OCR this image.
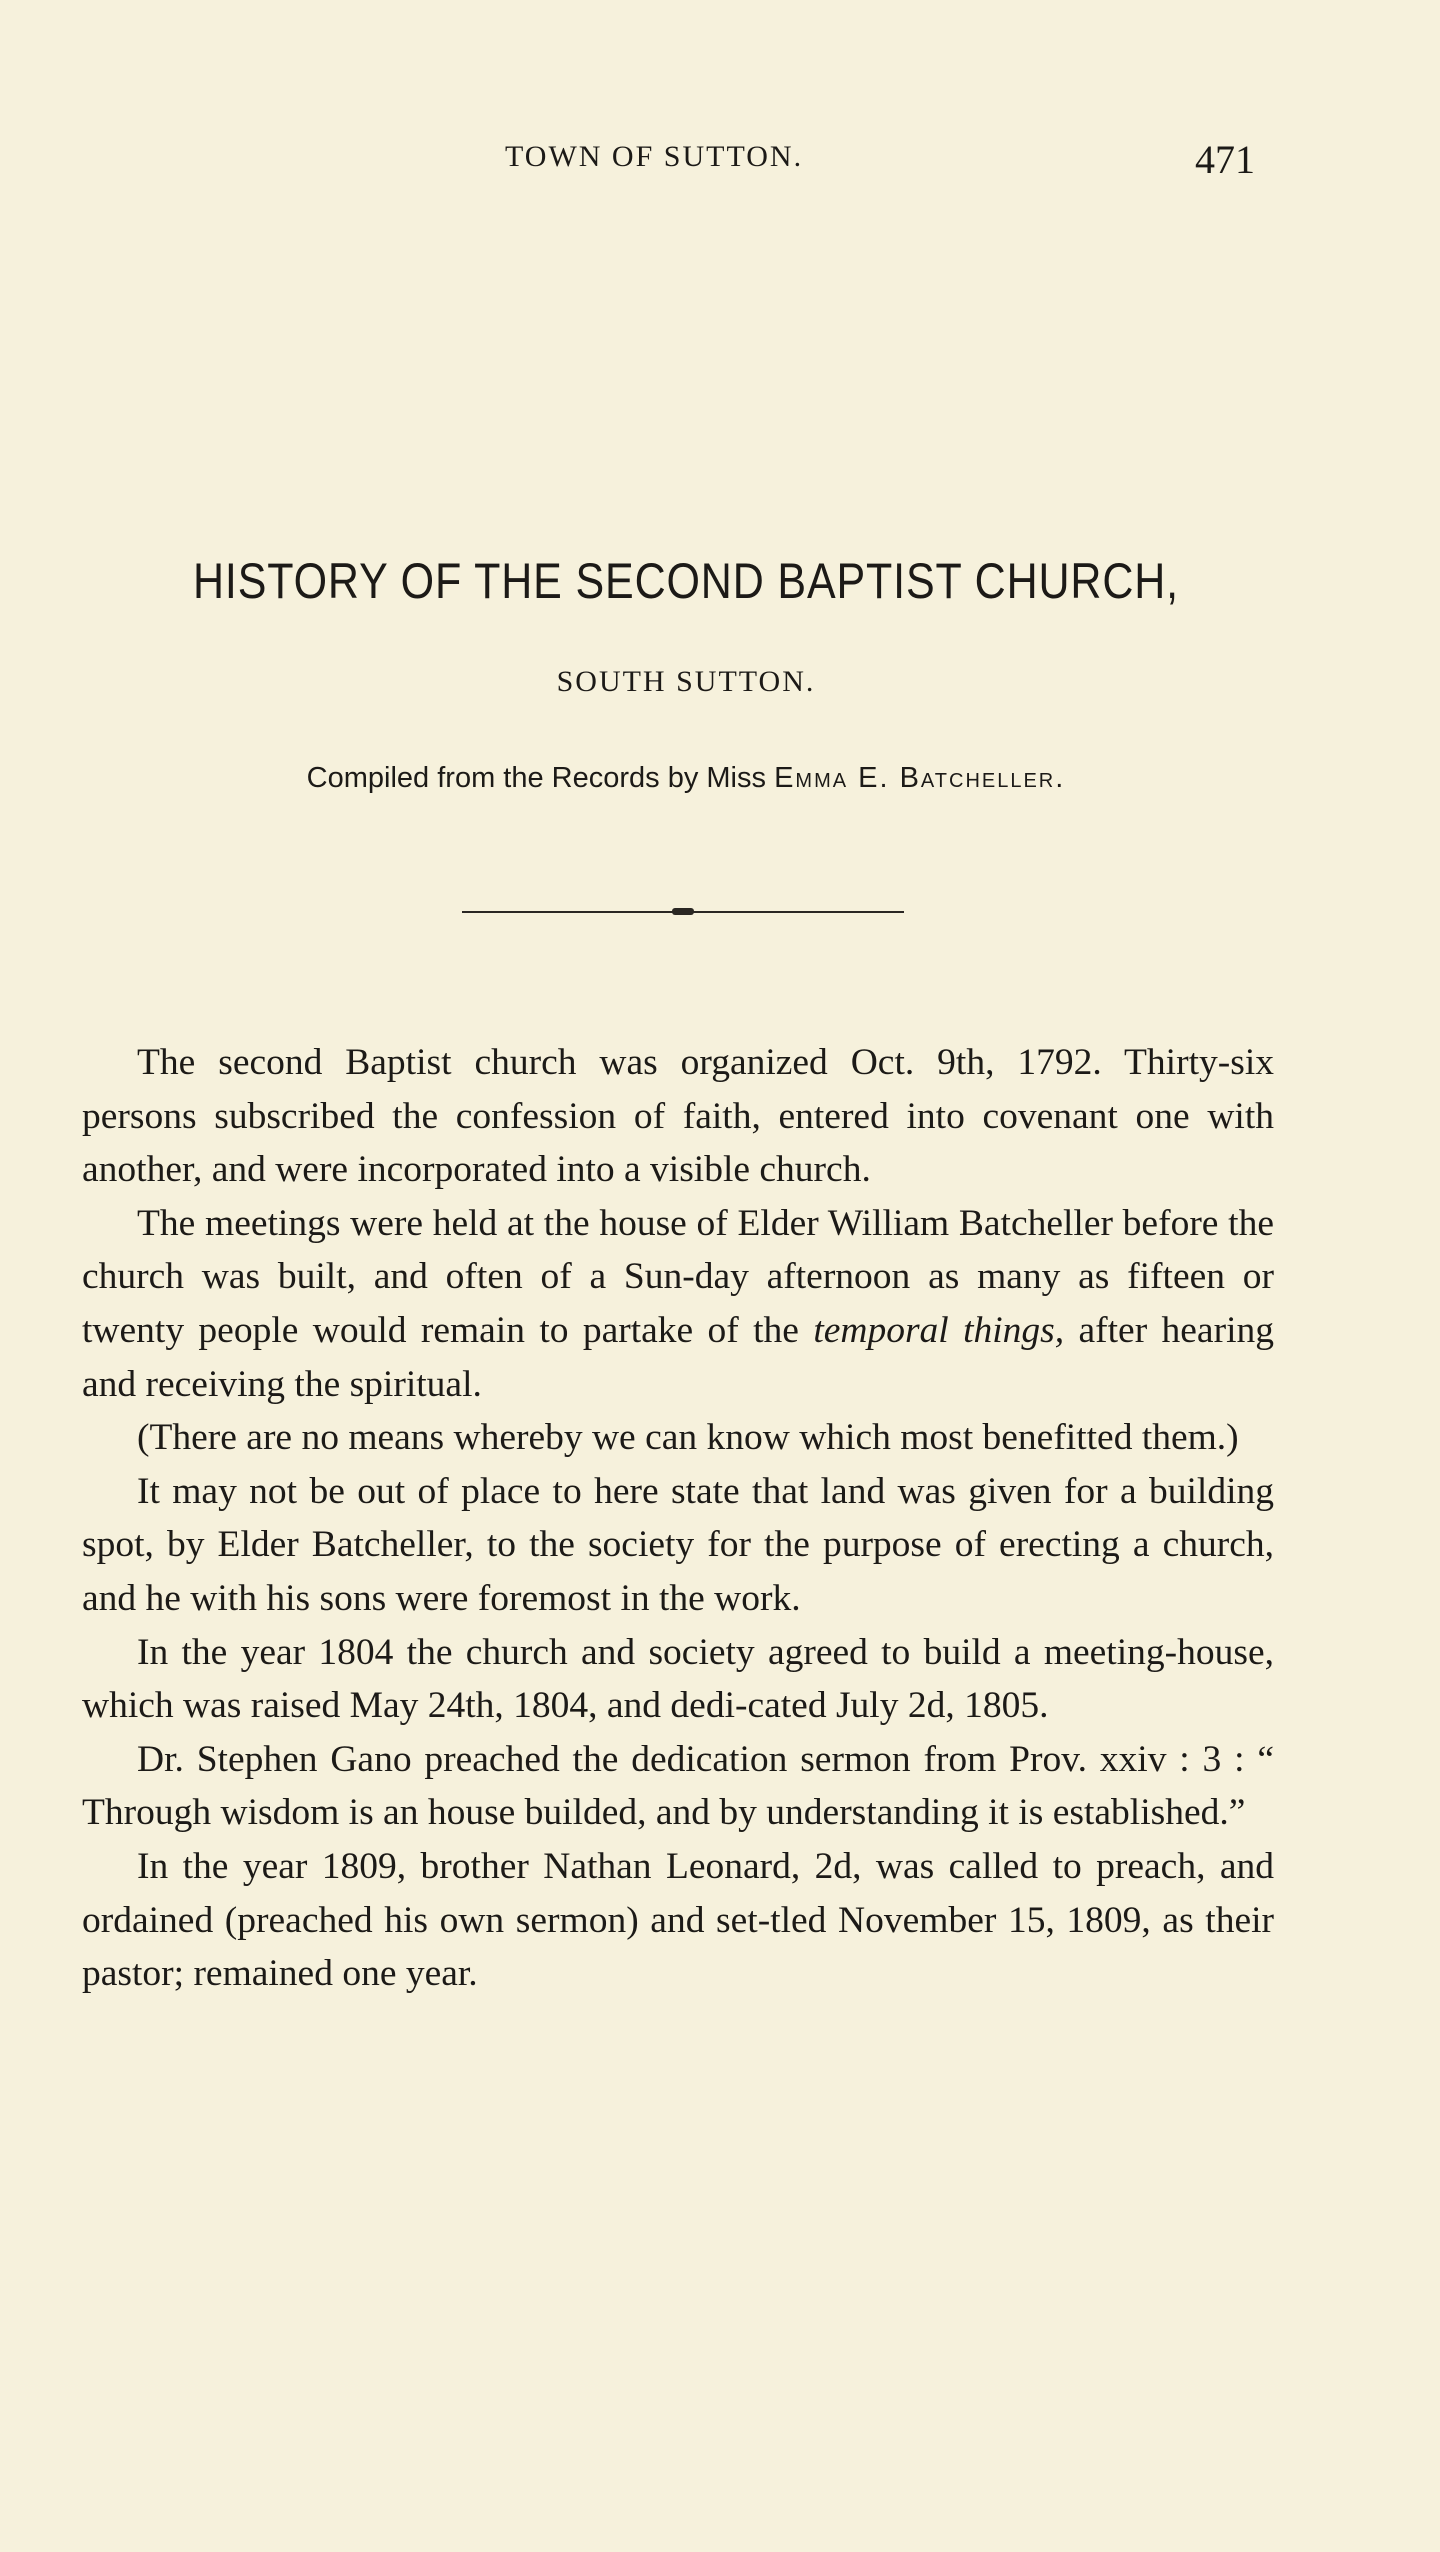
TOWN OF SUTTON.	471
HISTORY OF THE SECOND BAPTIST CHURCH,
SOUTH SUTTON.
Compiled from the Records by Miss Emma E. Batcheller.

The second Baptist church was organized Oct. 9th, 1792. Thirty-six persons subscribed the confession of faith, entered into covenant one with another, and were incorporated into a visible church.

The meetings were held at the house of Elder William Batcheller before the church was built, and often of a Sun-day afternoon as many as fifteen or twenty people would remain to partake of the temporal things, after hearing and receiving the spiritual.

(There are no means whereby we can know which most benefitted them.)

It may not be out of place to here state that land was given for a building spot, by Elder Batcheller, to the society for the purpose of erecting a church, and he with his sons were foremost in the work.

In the year 1804 the church and society agreed to build a meeting-house, which was raised May 24th, 1804, and dedi-cated July 2d, 1805.

Dr. Stephen Gano preached the dedication sermon from Prov. xxiv : 3 : “ Through wisdom is an house builded, and by understanding it is established.”

In the year 1809, brother Nathan Leonard, 2d, was called to preach, and ordained (preached his own sermon) and set-tled November 15, 1809, as their pastor; remained one year.
